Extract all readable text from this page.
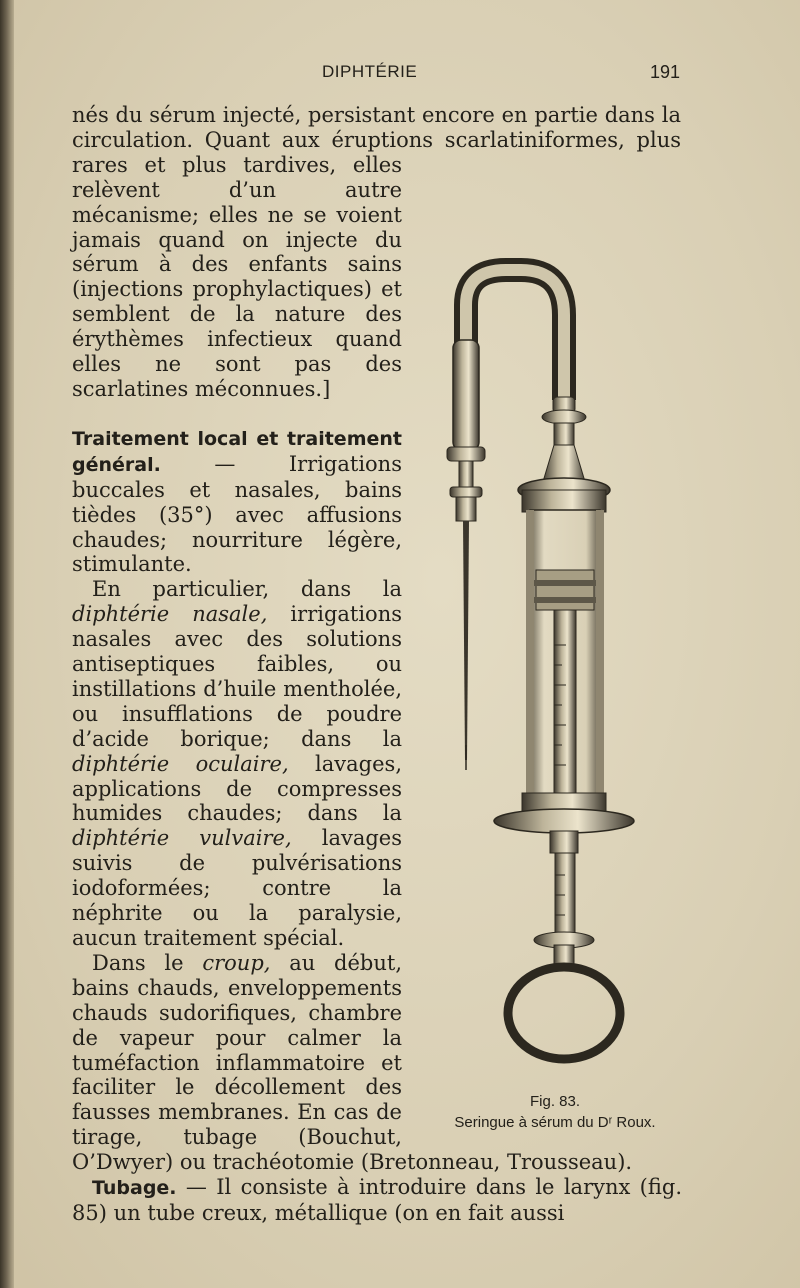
DIPHTÉRIE	191

Fig. 83.
Seringue à sérum du Dʳ Roux.
nés du sérum injecté, persistant encore en partie dans la circulation. Quant aux éruptions scarlatiniformes, plus rares et plus tardives, elles relèvent d’un autre mécanisme; elles ne se voient jamais quand on injecte du sérum à des enfants sains (injections prophylactiques) et semblent de la nature des érythèmes infectieux quand elles ne sont pas des scarlatines méconnues.]

Traitement local et traitement général. — Irrigations buccales et nasales, bains tièdes (35°) avec affusions chaudes; nourriture légère, stimulante.

En particulier, dans la diphtérie nasale, irrigations nasales avec des solutions antiseptiques faibles, ou instillations d’huile mentholée, ou insufflations de poudre d’acide borique; dans la diphtérie oculaire, lavages, applications de compresses humides chaudes; dans la diphtérie vulvaire, lavages suivis de pulvérisations iodoformées; contre la néphrite ou la paralysie, aucun traitement spécial.

Dans le croup, au début, bains chauds, enveloppements chauds sudorifiques, chambre de vapeur pour calmer la tuméfaction inflammatoire et faciliter le décollement des fausses membranes. En cas de tirage, tubage (Bouchut, O’Dwyer) ou trachéotomie (Bretonneau, Trousseau).

Tubage. — Il consiste à introduire dans le larynx (fig. 85) un tube creux, métallique (on en fait aussi
